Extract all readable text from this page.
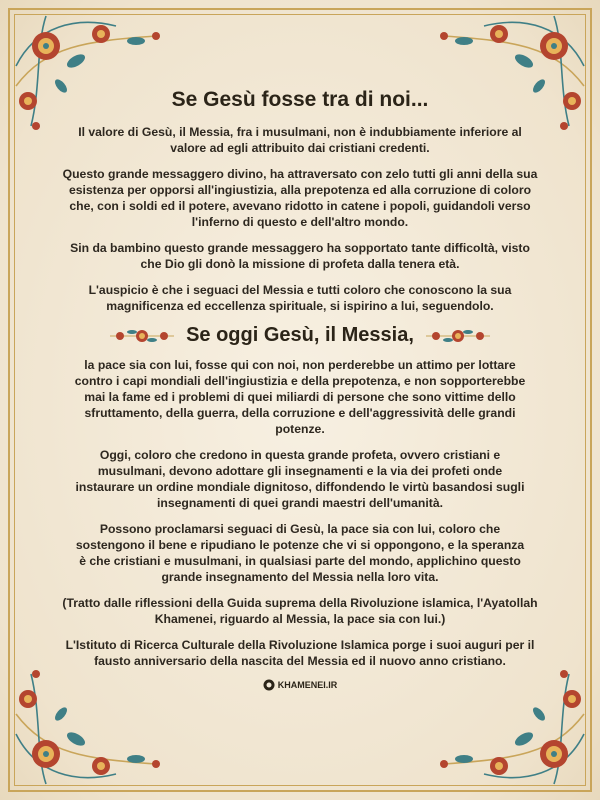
Se Gesù fosse tra di noi...

Il valore di Gesù, il Messia, fra i musulmani, non è indubbiamente inferiore al valore ad egli attribuito dai cristiani credenti.

Questo grande messaggero divino, ha attraversato con zelo tutti gli anni della sua esistenza per opporsi all'ingiustizia, alla prepotenza ed alla corruzione di coloro che, con i soldi ed il potere, avevano ridotto in catene i popoli, guidandoli verso l'inferno di questo e dell'altro mondo.

Sin da bambino questo grande messaggero ha sopportato tante difficoltà, visto che Dio gli donò la missione di profeta dalla tenera età.

L'auspicio è che i seguaci del Messia e tutti coloro che conoscono la sua magnificenza ed eccellenza spirituale, si ispirino a lui, seguendolo.

Se oggi Gesù, il Messia,

la pace sia con lui, fosse qui con noi, non perderebbe un attimo per lottare contro i capi mondiali dell'ingiustizia e della prepotenza, e non sopporterebbe mai la fame ed i problemi di quei miliardi di persone che sono vittime dello sfruttamento, della guerra, della corruzione e dell'aggressività delle grandi potenze.

Oggi, coloro che credono in questa grande profeta, ovvero cristiani e musulmani, devono adottare gli insegnamenti e la via dei profeti onde instaurare un ordine mondiale dignitoso, diffondendo le virtù basandosi sugli insegnamenti di quei grandi maestri dell'umanità.

Possono proclamarsi seguaci di Gesù, la pace sia con lui, coloro che sostengono il bene e ripudiano le potenze che vi si oppongono, e la speranza è che cristiani e musulmani, in qualsiasi parte del mondo, applichino questo grande insegnamento del Messia nella loro vita.

(Tratto dalle riflessioni della Guida suprema della Rivoluzione islamica, l'Ayatollah Khamenei, riguardo al Messia, la pace sia con lui.)

L'Istituto di Ricerca Culturale della Rivoluzione Islamica porge i suoi auguri per il fausto anniversario della nascita del Messia ed il nuovo anno cristiano.

KHAMENEI.IR
